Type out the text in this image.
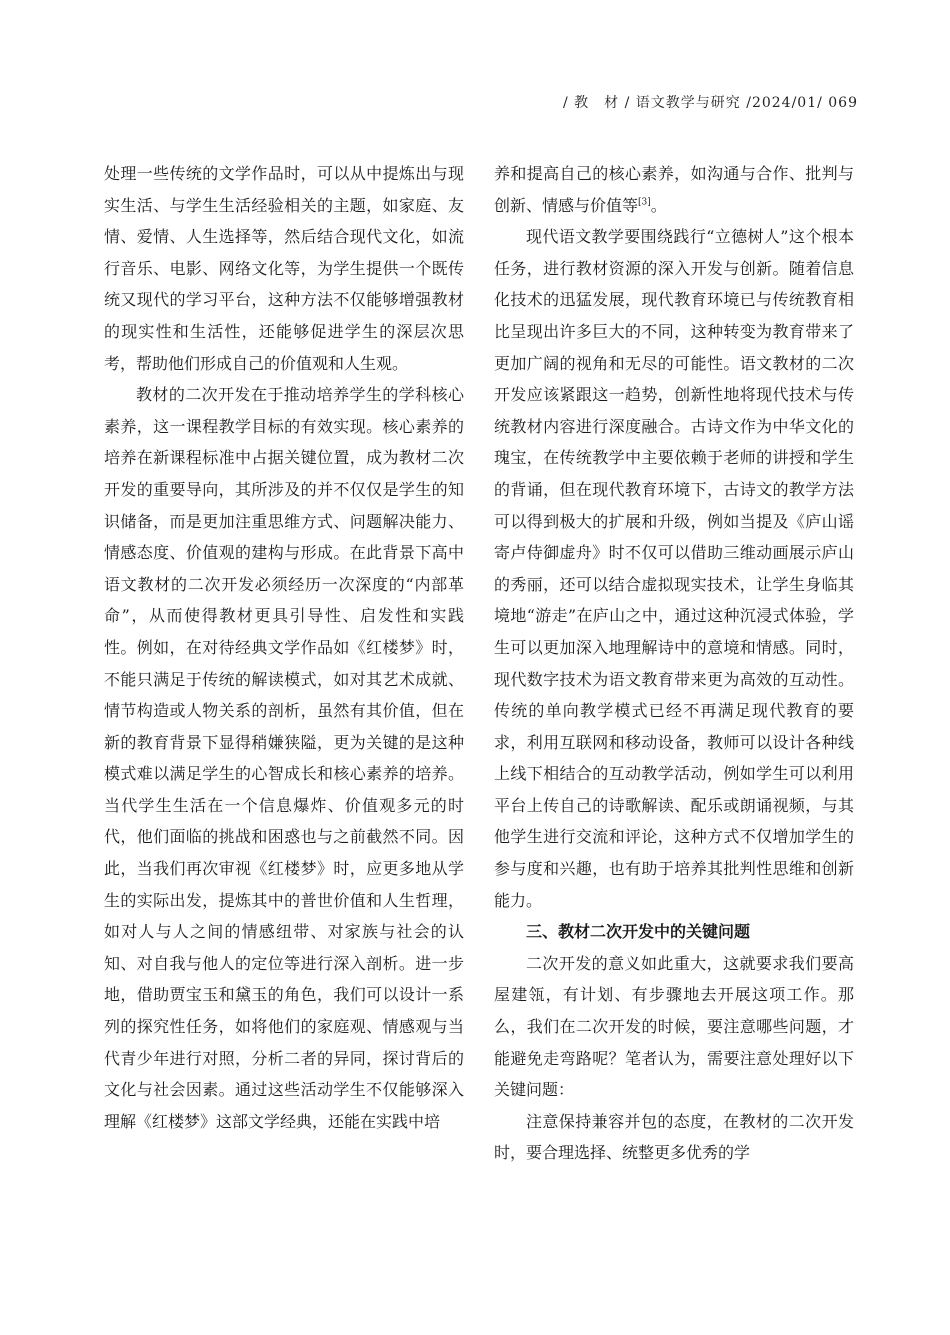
/ 教　材 / 语文教学与研究 /2024/01/ 069

处理一些传统的文学作品时，可以从中提炼出与现实生活、与学生生活经验相关的主题，如家庭、友情、爱情、人生选择等，然后结合现代文化，如流行音乐、电影、网络文化等，为学生提供一个既传统又现代的学习平台，这种方法不仅能够增强教材的现实性和生活性，还能够促进学生的深层次思考，帮助他们形成自己的价值观和人生观。

教材的二次开发在于推动培养学生的学科核心素养，这一课程教学目标的有效实现。核心素养的培养在新课程标准中占据关键位置，成为教材二次开发的重要导向，其所涉及的并不仅仅是学生的知识储备，而是更加注重思维方式、问题解决能力、情感态度、价值观的建构与形成。在此背景下高中语文教材的二次开发必须经历一次深度的“内部革命”，从而使得教材更具引导性、启发性和实践性。例如，在对待经典文学作品如《红楼梦》时，不能只满足于传统的解读模式，如对其艺术成就、情节构造或人物关系的剖析，虽然有其价值，但在新的教育背景下显得稍嫌狭隘，更为关键的是这种模式难以满足学生的心智成长和核心素养的培养。当代学生生活在一个信息爆炸、价值观多元的时代，他们面临的挑战和困惑也与之前截然不同。因此，当我们再次审视《红楼梦》时，应更多地从学生的实际出发，提炼其中的普世价值和人生哲理，如对人与人之间的情感纽带、对家族与社会的认知、对自我与他人的定位等进行深入剖析。进一步地，借助贾宝玉和黛玉的角色，我们可以设计一系列的探究性任务，如将他们的家庭观、情感观与当代青少年进行对照，分析二者的异同，探讨背后的文化与社会因素。通过这些活动学生不仅能够深入理解《红楼梦》这部文学经典，还能在实践中培

养和提高自己的核心素养，如沟通与合作、批判与创新、情感与价值等[3]。

现代语文教学要围绕践行“立德树人”这个根本任务，进行教材资源的深入开发与创新。随着信息化技术的迅猛发展，现代教育环境已与传统教育相比呈现出许多巨大的不同，这种转变为教育带来了更加广阔的视角和无尽的可能性。语文教材的二次开发应该紧跟这一趋势，创新性地将现代技术与传统教材内容进行深度融合。古诗文作为中华文化的瑰宝，在传统教学中主要依赖于老师的讲授和学生的背诵，但在现代教育环境下，古诗文的教学方法可以得到极大的扩展和升级，例如当提及《庐山谣寄卢侍御虚舟》时不仅可以借助三维动画展示庐山的秀丽，还可以结合虚拟现实技术，让学生身临其境地“游走”在庐山之中，通过这种沉浸式体验，学生可以更加深入地理解诗中的意境和情感。同时，现代数字技术为语文教育带来更为高效的互动性。传统的单向教学模式已经不再满足现代教育的要求，利用互联网和移动设备，教师可以设计各种线上线下相结合的互动教学活动，例如学生可以利用平台上传自己的诗歌解读、配乐或朗诵视频，与其他学生进行交流和评论，这种方式不仅增加学生的参与度和兴趣，也有助于培养其批判性思维和创新能力。

三、教材二次开发中的关键问题

二次开发的意义如此重大，这就要求我们要高屋建瓴，有计划、有步骤地去开展这项工作。那么，我们在二次开发的时候，要注意哪些问题，才能避免走弯路呢？笔者认为，需要注意处理好以下关键问题：

注意保持兼容并包的态度，在教材的二次开发时，要合理选择、统整更多优秀的学
